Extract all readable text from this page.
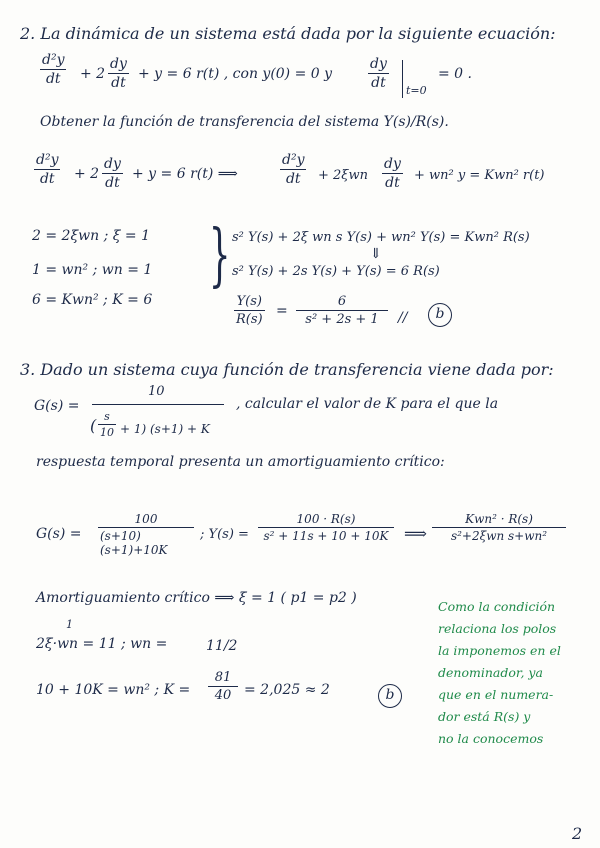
2. La dinámica de un sistema está dada por la siguiente ecuación:
d²y
dt + 2
dy
dt
+ y = 6 r(t) , con y(0) = 0 y
dy
dt t=0
= 0 .
Obtener la función de transferencia del sistema Y(s)/R(s).
d²y
dt + 2
dy
dt
+ y = 6 r(t) ⟹
d²y
dt + 2ξwn
dy
dt + wn² y = Kwn² r(t)
2 = 2ξwn ; ξ = 1
1 = wn² ; wn = 1
6 = Kwn² ; K = 6
} s² Y(s) + 2ξ wn s Y(s) + wn² Y(s) = Kwn² R(s)
⇓
s² Y(s) + 2s Y(s) + Y(s) = 6 R(s)
Y(s)
R(s)
=
6
s² + 2s + 1 //	b
3. Dado un sistema cuya función de transferencia viene dada por:
G(s) =
10
( s
10 + 1) (s+1) + K
, calcular el valor de K para el que la
respuesta temporal presenta un amortiguamiento crítico:
G(s) =
100
(s+10)(s+1)+10K
; Y(s) =
100 · R(s)
s² + 11s + 10 + 10K ⟹
Kwn² · R(s)
s²+2ξwn s+wn²
Amortiguamiento crítico ⟹ ξ = 1 ( p1 = p2 )
2ξ·wn = 11 ; wn =
1
11/2
10 + 10K = wn² ; K =
81
40 = 2,025 ≈ 2	b
Como la condición
relaciona los polos
la imponemos en el
denominador, ya
que en el numera-
dor está R(s) y
no la conocemos
2
